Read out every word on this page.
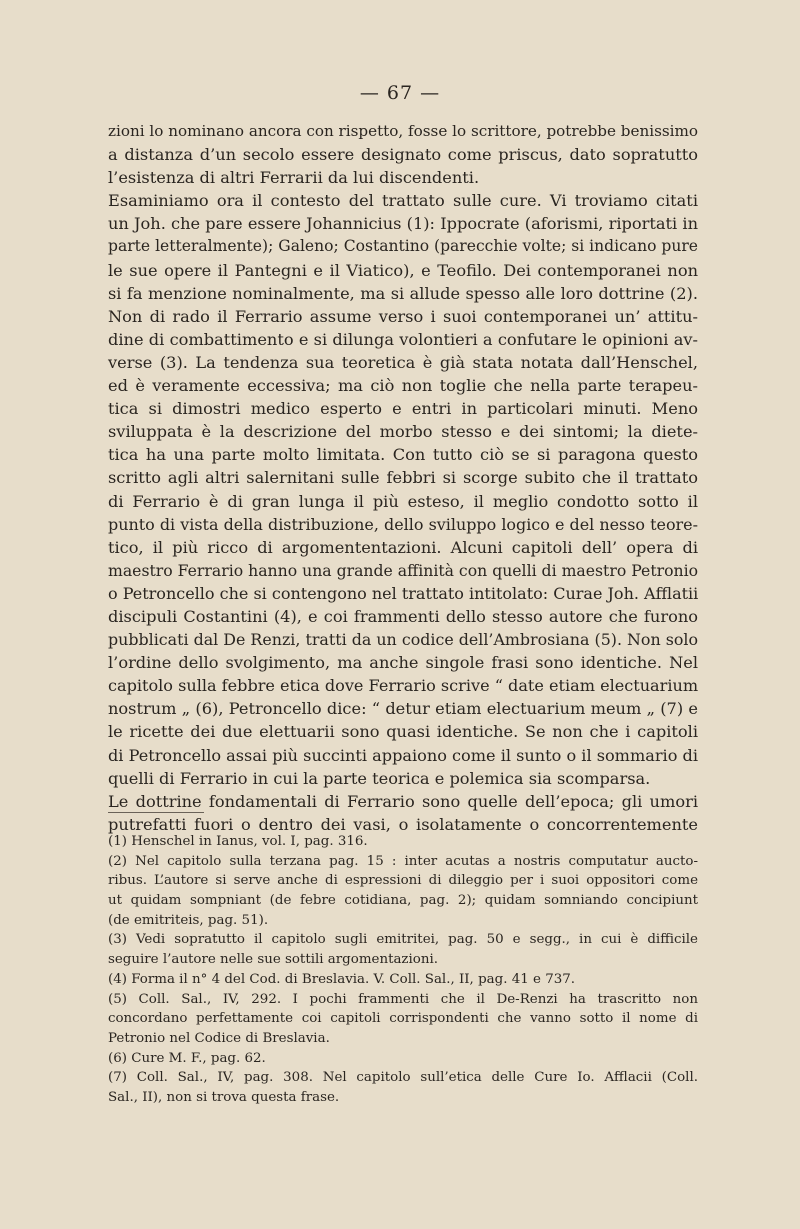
— 67 —
zioni lo nominano ancora con rispetto, fosse lo scrittore, potrebbe benissimo
a distanza d’un secolo essere designato come priscus, dato sopratutto
l’esistenza di altri Ferrarii da lui discendenti.
Esaminiamo ora il contesto del trattato sulle cure. Vi troviamo citati
un Joh. che pare essere Johannicius (1): Ippocrate (aforismi, riportati in
parte letteralmente); Galeno; Costantino (parecchie volte; si indicano pure
le sue opere il Pantegni e il Viatico), e Teofilo. Dei contemporanei non
si fa menzione nominalmente, ma si allude spesso alle loro dottrine (2).
Non di rado il Ferrario assume verso i suoi contemporanei un’ attitu-
dine di combattimento e si dilunga volontieri a confutare le opinioni av-
verse (3). La tendenza sua teoretica è già stata notata dall’Henschel,
ed è veramente eccessiva; ma ciò non toglie che nella parte terapeu-
tica si dimostri medico esperto e entri in particolari minuti. Meno
sviluppata è la descrizione del morbo stesso e dei sintomi; la diete-
tica ha una parte molto limitata. Con tutto ciò se si paragona questo
scritto agli altri salernitani sulle febbri si scorge subito che il trattato
di Ferrario è di gran lunga il più esteso, il meglio condotto sotto il
punto di vista della distribuzione, dello sviluppo logico e del nesso teore-
tico, il più ricco di argomententazioni. Alcuni capitoli dell’ opera di
maestro Ferrario hanno una grande affinità con quelli di maestro Petronio
o Petroncello che si contengono nel trattato intitolato: Curae Joh. Afflatii
discipuli Costantini (4), e coi frammenti dello stesso autore che furono
pubblicati dal De Renzi, tratti da un codice dell’Ambrosiana (5). Non solo
l’ordine dello svolgimento, ma anche singole frasi sono identiche. Nel
capitolo sulla febbre etica dove Ferrario scrive “ date etiam electuarium
nostrum „ (6), Petroncello dice: “ detur etiam electuarium meum „ (7) e
le ricette dei due elettuarii sono quasi identiche. Se non che i capitoli
di Petroncello assai più succinti appaiono come il sunto o il sommario di
quelli di Ferrario in cui la parte teorica e polemica sia scomparsa.
Le dottrine fondamentali di Ferrario sono quelle dell’epoca; gli umori
putrefatti fuori o dentro dei vasi, o isolatamente o concorrentemente
(1) Henschel in Ianus, vol. I, pag. 316.
(2) Nel capitolo sulla terzana pag. 15 : inter acutas a nostris computatur aucto-
ribus. L’autore si serve anche di espressioni di dileggio per i suoi oppositori come
ut quidam sompniant (de febre cotidiana, pag. 2); quidam somniando concipiunt
(de emitriteis, pag. 51).
(3) Vedi sopratutto il capitolo sugli emitritei, pag. 50 e segg., in cui è difficile
seguire l’autore nelle sue sottili argomentazioni.
(4) Forma il n° 4 del Cod. di Breslavia. V. Coll. Sal., II, pag. 41 e 737.
(5) Coll. Sal., IV, 292. I pochi frammenti che il De-Renzi ha trascritto non
concordano perfettamente coi capitoli corrispondenti che vanno sotto il nome di
Petronio nel Codice di Breslavia.
(6) Cure M. F., pag. 62.
(7) Coll. Sal., IV, pag. 308. Nel capitolo sull’etica delle Cure Io. Afflacii (Coll.
Sal., II), non si trova questa frase.
